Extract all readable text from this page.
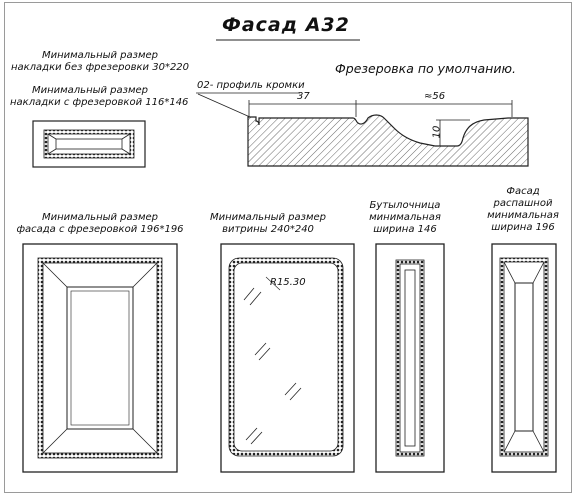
Фасад А32
Фрезеровка по умолчанию.
02- профиль кромки
37	≈56
10
Минимальный размер
накладки без фрезеровки 30*220
Минимальный размер
накладки с фрезеровкой 116*146
Минимальный размер
фасада с фрезеровкой 196*196
Минимальный размер
витрины 240*240
R15.30
Бутылочница
минимальная
ширина 146
Фасад
распашной
минимальная
ширина 196
